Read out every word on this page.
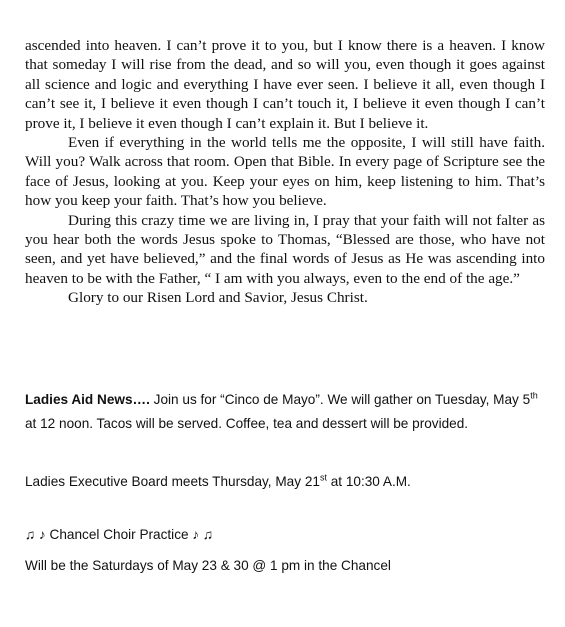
ascended into heaven. I can’t prove it to you, but I know there is a heaven. I know that someday I will rise from the dead, and so will you, even though it goes against all science and logic and everything I have ever seen. I believe it all, even though I can’t see it, I believe it even though I can’t touch it, I believe it even though I can’t prove it, I believe it even though I can’t explain it. But I believe it.

Even if everything in the world tells me the opposite, I will still have faith. Will you? Walk across that room. Open that Bible. In every page of Scripture see the face of Jesus, looking at you. Keep your eyes on him, keep listening to him. That’s how you keep your faith. That’s how you believe.

During this crazy time we are living in, I pray that your faith will not falter as you hear both the words Jesus spoke to Thomas, “Blessed are those, who have not seen, and yet have believed,” and the final words of Jesus as He was ascending into heaven to be with the Father, “ I am with you always, even to the end of the age.”

Glory to our Risen Lord and Savior, Jesus Christ.

Ladies Aid News…. Join us for “Cinco de Mayo”. We will gather on Tuesday, May 5th at 12 noon. Tacos will be served. Coffee, tea and dessert will be provided.

Ladies Executive Board meets Thursday, May 21st at 10:30 A.M.

♫ ♪ Chancel Choir Practice ♪ ♫

Will be the Saturdays of May 23 & 30 @ 1 pm in the Chancel
